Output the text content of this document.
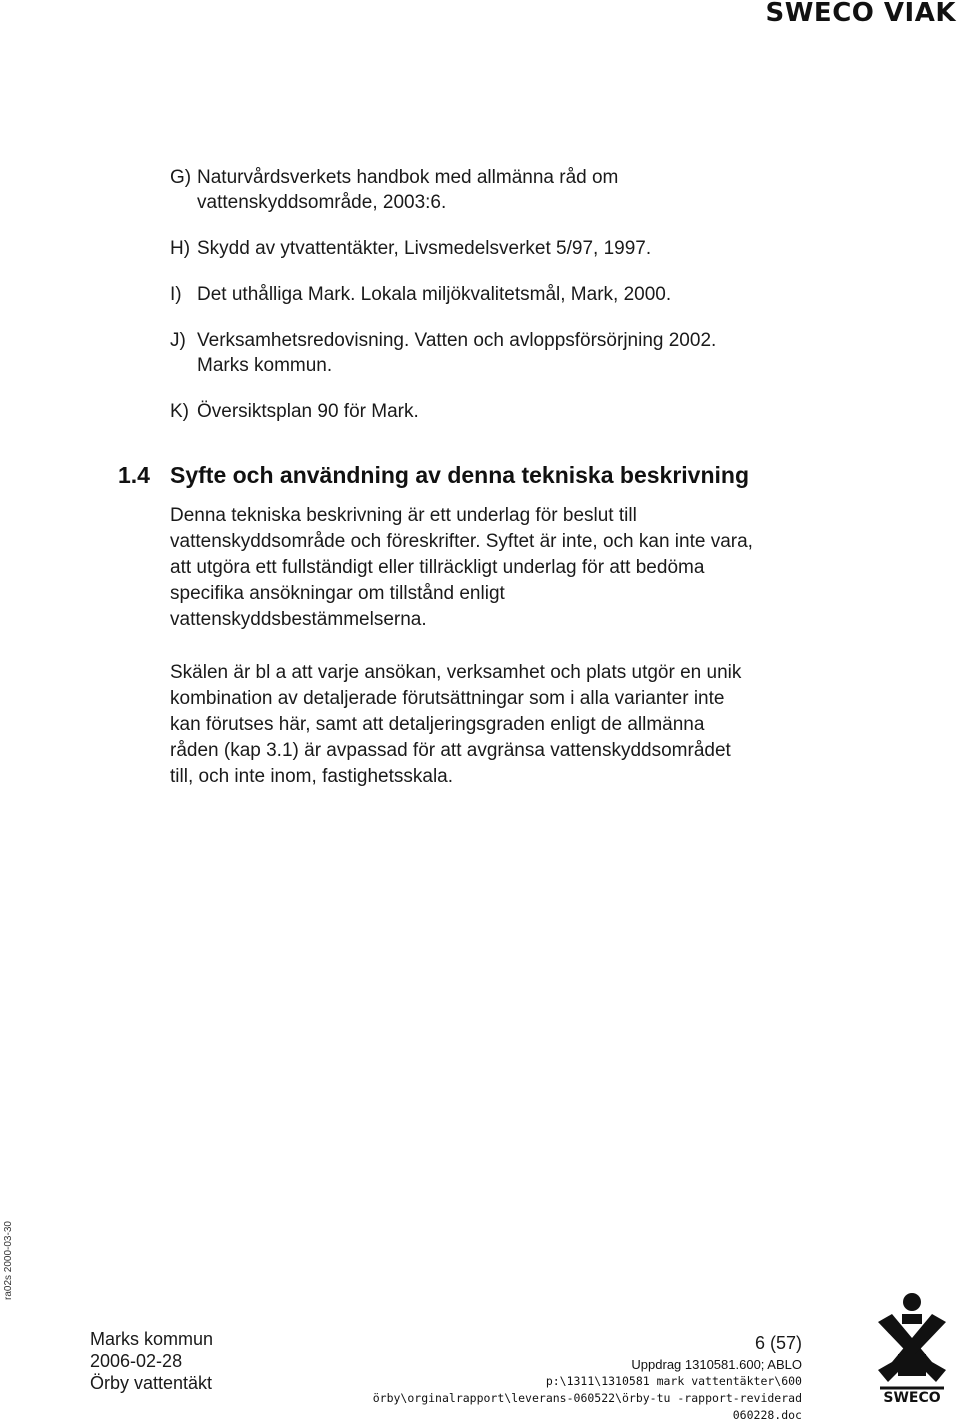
SWECO VIAK
G) Naturvårdsverkets handbok med allmänna råd om
vattenskyddsområde, 2003:6.
H) Skydd av ytvattentäkter, Livsmedelsverket 5/97, 1997.
I) Det uthålliga Mark. Lokala miljökvalitetsmål, Mark, 2000.
J) Verksamhetsredovisning. Vatten och avloppsförsörjning 2002.
Marks kommun.
K) Översiktsplan 90 för Mark.
1.4 Syfte och användning av denna tekniska beskrivning
Denna tekniska beskrivning är ett underlag för beslut till
vattenskyddsområde och föreskrifter. Syftet är inte, och kan inte vara,
att utgöra ett fullständigt eller tillräckligt underlag för att bedöma
specifika ansökningar om tillstånd enligt
vattenskyddsbestämmelserna.
Skälen är bl a att varje ansökan, verksamhet och plats utgör en unik
kombination av detaljerade förutsättningar som i alla varianter inte
kan förutses här, samt att detaljeringsgraden enligt de allmänna
råden (kap 3.1) är avpassad för att avgränsa vattenskyddsområdet
till, och inte inom, fastighetsskala.
ra02s 2000-03-30
Marks kommun
2006-02-28
Örby vattentäkt
6 (57)
Uppdrag 1310581.600; ABLO
p:\1311\1310581 mark vattentäkter\600
örby\orginalrapport\leverans-060522\örby-tu -rapport-reviderad
060228.doc
SWECO
